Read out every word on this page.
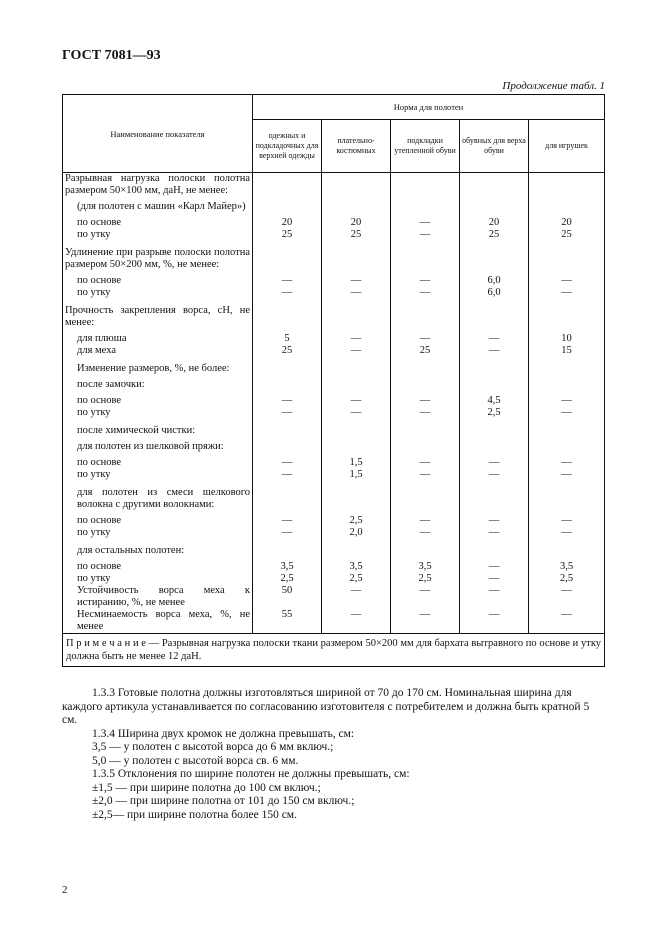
ГОСТ 7081—93
Продолжение табл. 1
Наименование показателя	Норма для полотен				
	одежных и подкладочных для верхней одежды	плательно-костюмных	подкладки утепленной обуви	обувных для верха обуви	для игрушек
Разрывная нагрузка полоски полотна размером 50×100 мм, даН, не менее:					
(для полотен с машин «Карл Майер»)					
по основе	20	20	—	20	20
по утку	25	25	—	25	25
Удлинение при разрыве полоски полотна размером 50×200 мм, %, не менее:					
по основе	—	—	—	6,0	—
по утку	—	—	—	6,0	—
Прочность закрепления ворса, сН, не менее:					
для плюша	5	—	—	—	10
для меха	25	—	25	—	15
Изменение размеров, %, не более:					
после замочки:					
по основе	—	—	—	4,5	—
по утку	—	—	—	2,5	—
после химической чистки:					
для полотен из шелковой пряжи:					
по основе	—	1,5	—	—	—
по утку	—	1,5	—	—	—
для полотен из смеси шелкового волокна с другими волокнами:					
по основе	—	2,5	—	—	—
по утку	—	2,0	—	—	—
для остальных полотен:					
по основе	3,5	3,5	3,5	—	3,5
по утку	2,5	2,5	2,5	—	2,5
Устойчивость ворса меха к истиранию, %, не менее	50	—	—	—	—
Несминаемость ворса меха, %, не менее	55	—	—	—	—
П р и м е ч а н и е — Разрывная нагрузка полоски ткани размером 50×200 мм для бархата вытравного по основе и утку должна быть не менее 12 даН.					

1.3.3 Готовые полотна должны изготовляться шириной от 70 до 170 см. Номинальная ширина для каждого артикула устанавливается по согласованию изготовителя с потребителем и должна быть кратной 5 см.

1.3.4 Ширина двух кромок не должна превышать, см:

3,5 — у полотен с высотой ворса до 6 мм включ.;

5,0 — у полотен с высотой ворса св. 6 мм.

1.3.5 Отклонения по ширине полотен не должны превышать, см:

±1,5 — при ширине полотна до 100 см включ.;

±2,0 — при ширине полотна от 101 до 150 см включ.;

±2,5— при ширине полотна более 150 см.

2
